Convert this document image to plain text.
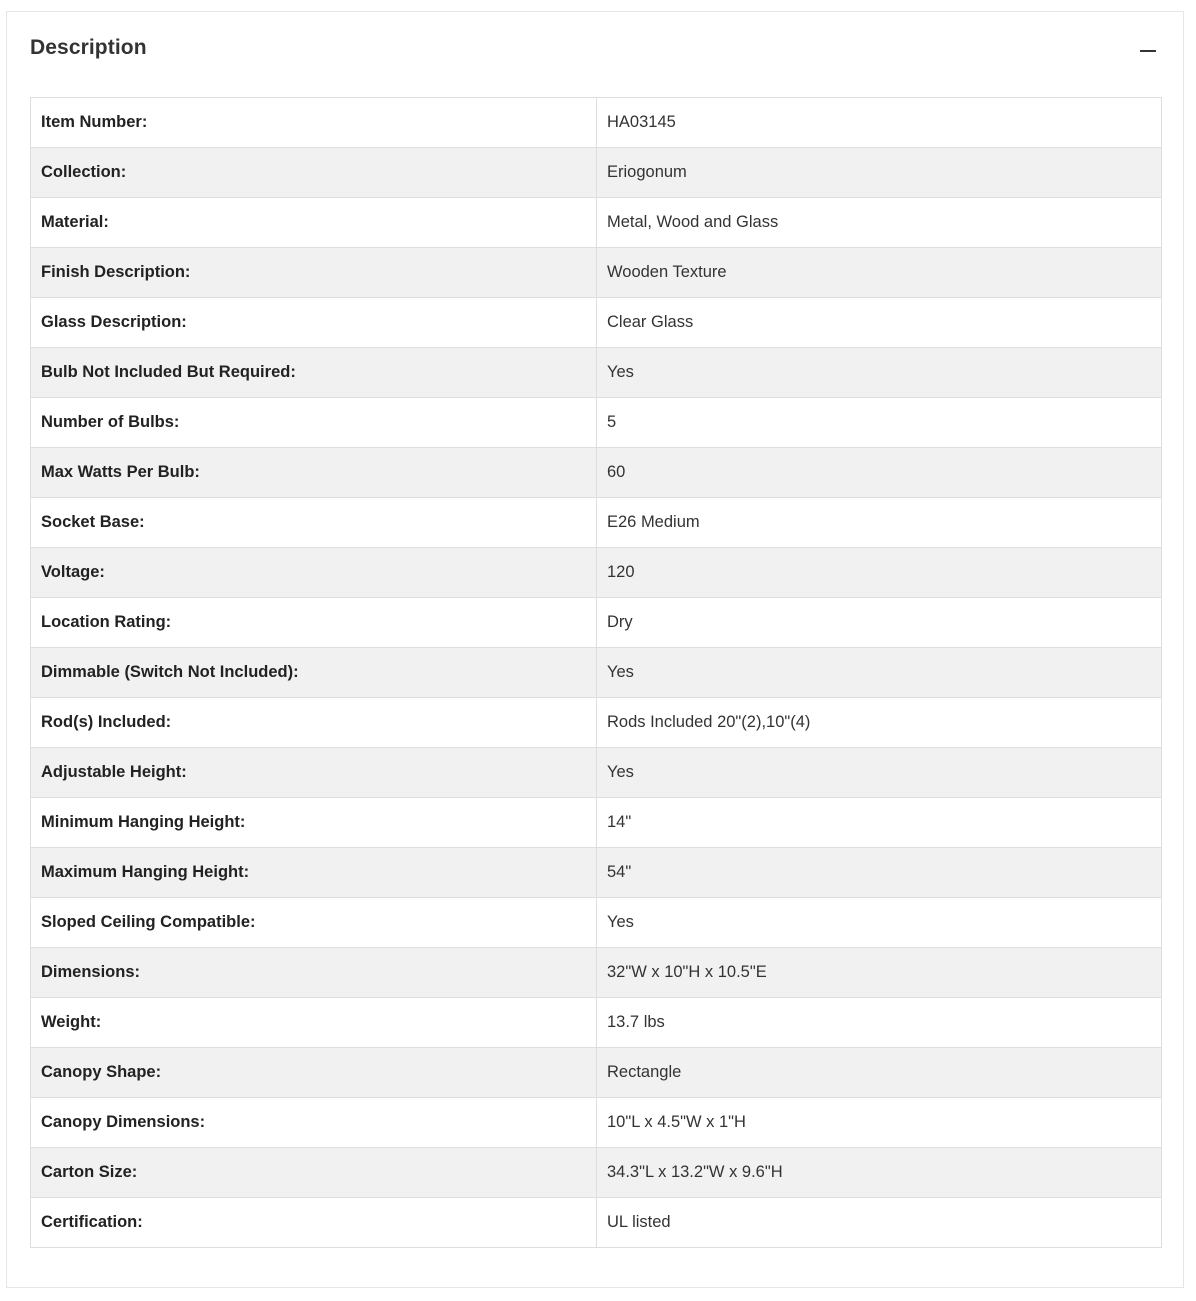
Description
Item Number:	HA03145
Collection:	Eriogonum
Material:	Metal, Wood and Glass
Finish Description:	Wooden Texture
Glass Description:	Clear Glass
Bulb Not Included But Required:	Yes
Number of Bulbs:	5
Max Watts Per Bulb:	60
Socket Base:	E26 Medium
Voltage:	120
Location Rating:	Dry
Dimmable (Switch Not Included):	Yes
Rod(s) Included:	Rods Included 20"(2),10"(4)
Adjustable Height:	Yes
Minimum Hanging Height:	14"
Maximum Hanging Height:	54"
Sloped Ceiling Compatible:	Yes
Dimensions:	32"W x 10"H x 10.5"E
Weight:	13.7 lbs
Canopy Shape:	Rectangle
Canopy Dimensions:	10"L x 4.5"W x 1"H
Carton Size:	34.3"L x 13.2"W x 9.6"H
Certification:	UL listed
